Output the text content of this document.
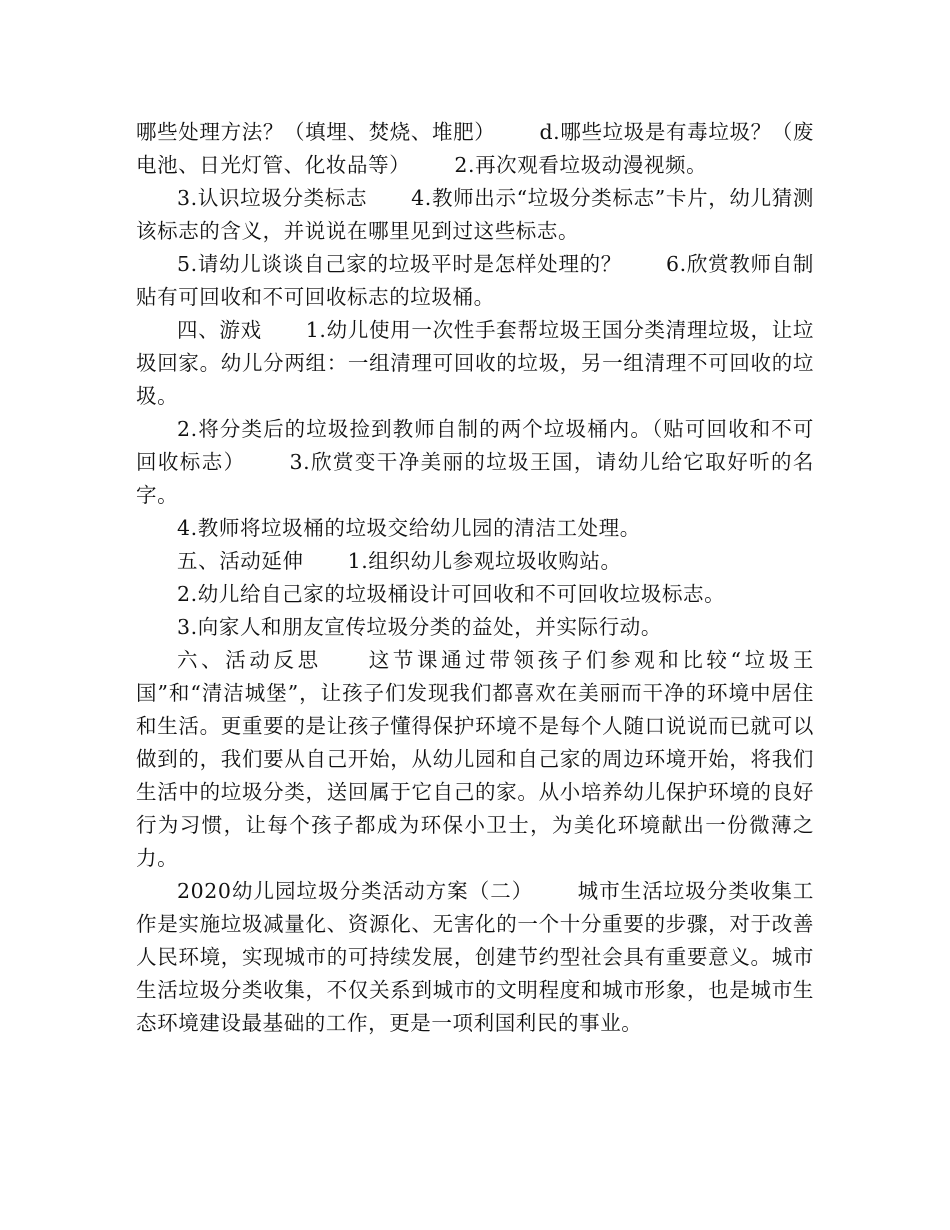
哪些处理方法？（填埋、焚烧、堆肥） d.哪些垃圾是有毒垃圾？（废电池、日光灯管、化妆品等） 2.再次观看垃圾动漫视频。

3.认识垃圾分类标志 4.教师出示“垃圾分类标志”卡片，幼儿猜测该标志的含义，并说说在哪里见到过这些标志。

5.请幼儿谈谈自己家的垃圾平时是怎样处理的？ 6.欣赏教师自制贴有可回收和不可回收标志的垃圾桶。

四、游戏 1.幼儿使用一次性手套帮垃圾王国分类清理垃圾，让垃圾回家。幼儿分两组：一组清理可回收的垃圾，另一组清理不可回收的垃圾。

2.将分类后的垃圾捡到教师自制的两个垃圾桶内。（贴可回收和不可回收标志） 3.欣赏变干净美丽的垃圾王国，请幼儿给它取好听的名字。

4.教师将垃圾桶的垃圾交给幼儿园的清洁工处理。

五、活动延伸 1.组织幼儿参观垃圾收购站。

2.幼儿给自己家的垃圾桶设计可回收和不可回收垃圾标志。

3.向家人和朋友宣传垃圾分类的益处，并实际行动。

六、活动反思 这节课通过带领孩子们参观和比较“垃圾王国”和“清洁城堡”，让孩子们发现我们都喜欢在美丽而干净的环境中居住和生活。更重要的是让孩子懂得保护环境不是每个人随口说说而已就可以做到的，我们要从自己开始，从幼儿园和自己家的周边环境开始，将我们生活中的垃圾分类，送回属于它自己的家。从小培养幼儿保护环境的良好行为习惯，让每个孩子都成为环保小卫士，为美化环境献出一份微薄之力。

2020幼儿园垃圾分类活动方案（二） 城市生活垃圾分类收集工作是实施垃圾减量化、资源化、无害化的一个十分重要的步骤，对于改善人民环境，实现城市的可持续发展，创建节约型社会具有重要意义。城市生活垃圾分类收集，不仅关系到城市的文明程度和城市形象，也是城市生态环境建设最基础的工作，更是一项利国利民的事业。
